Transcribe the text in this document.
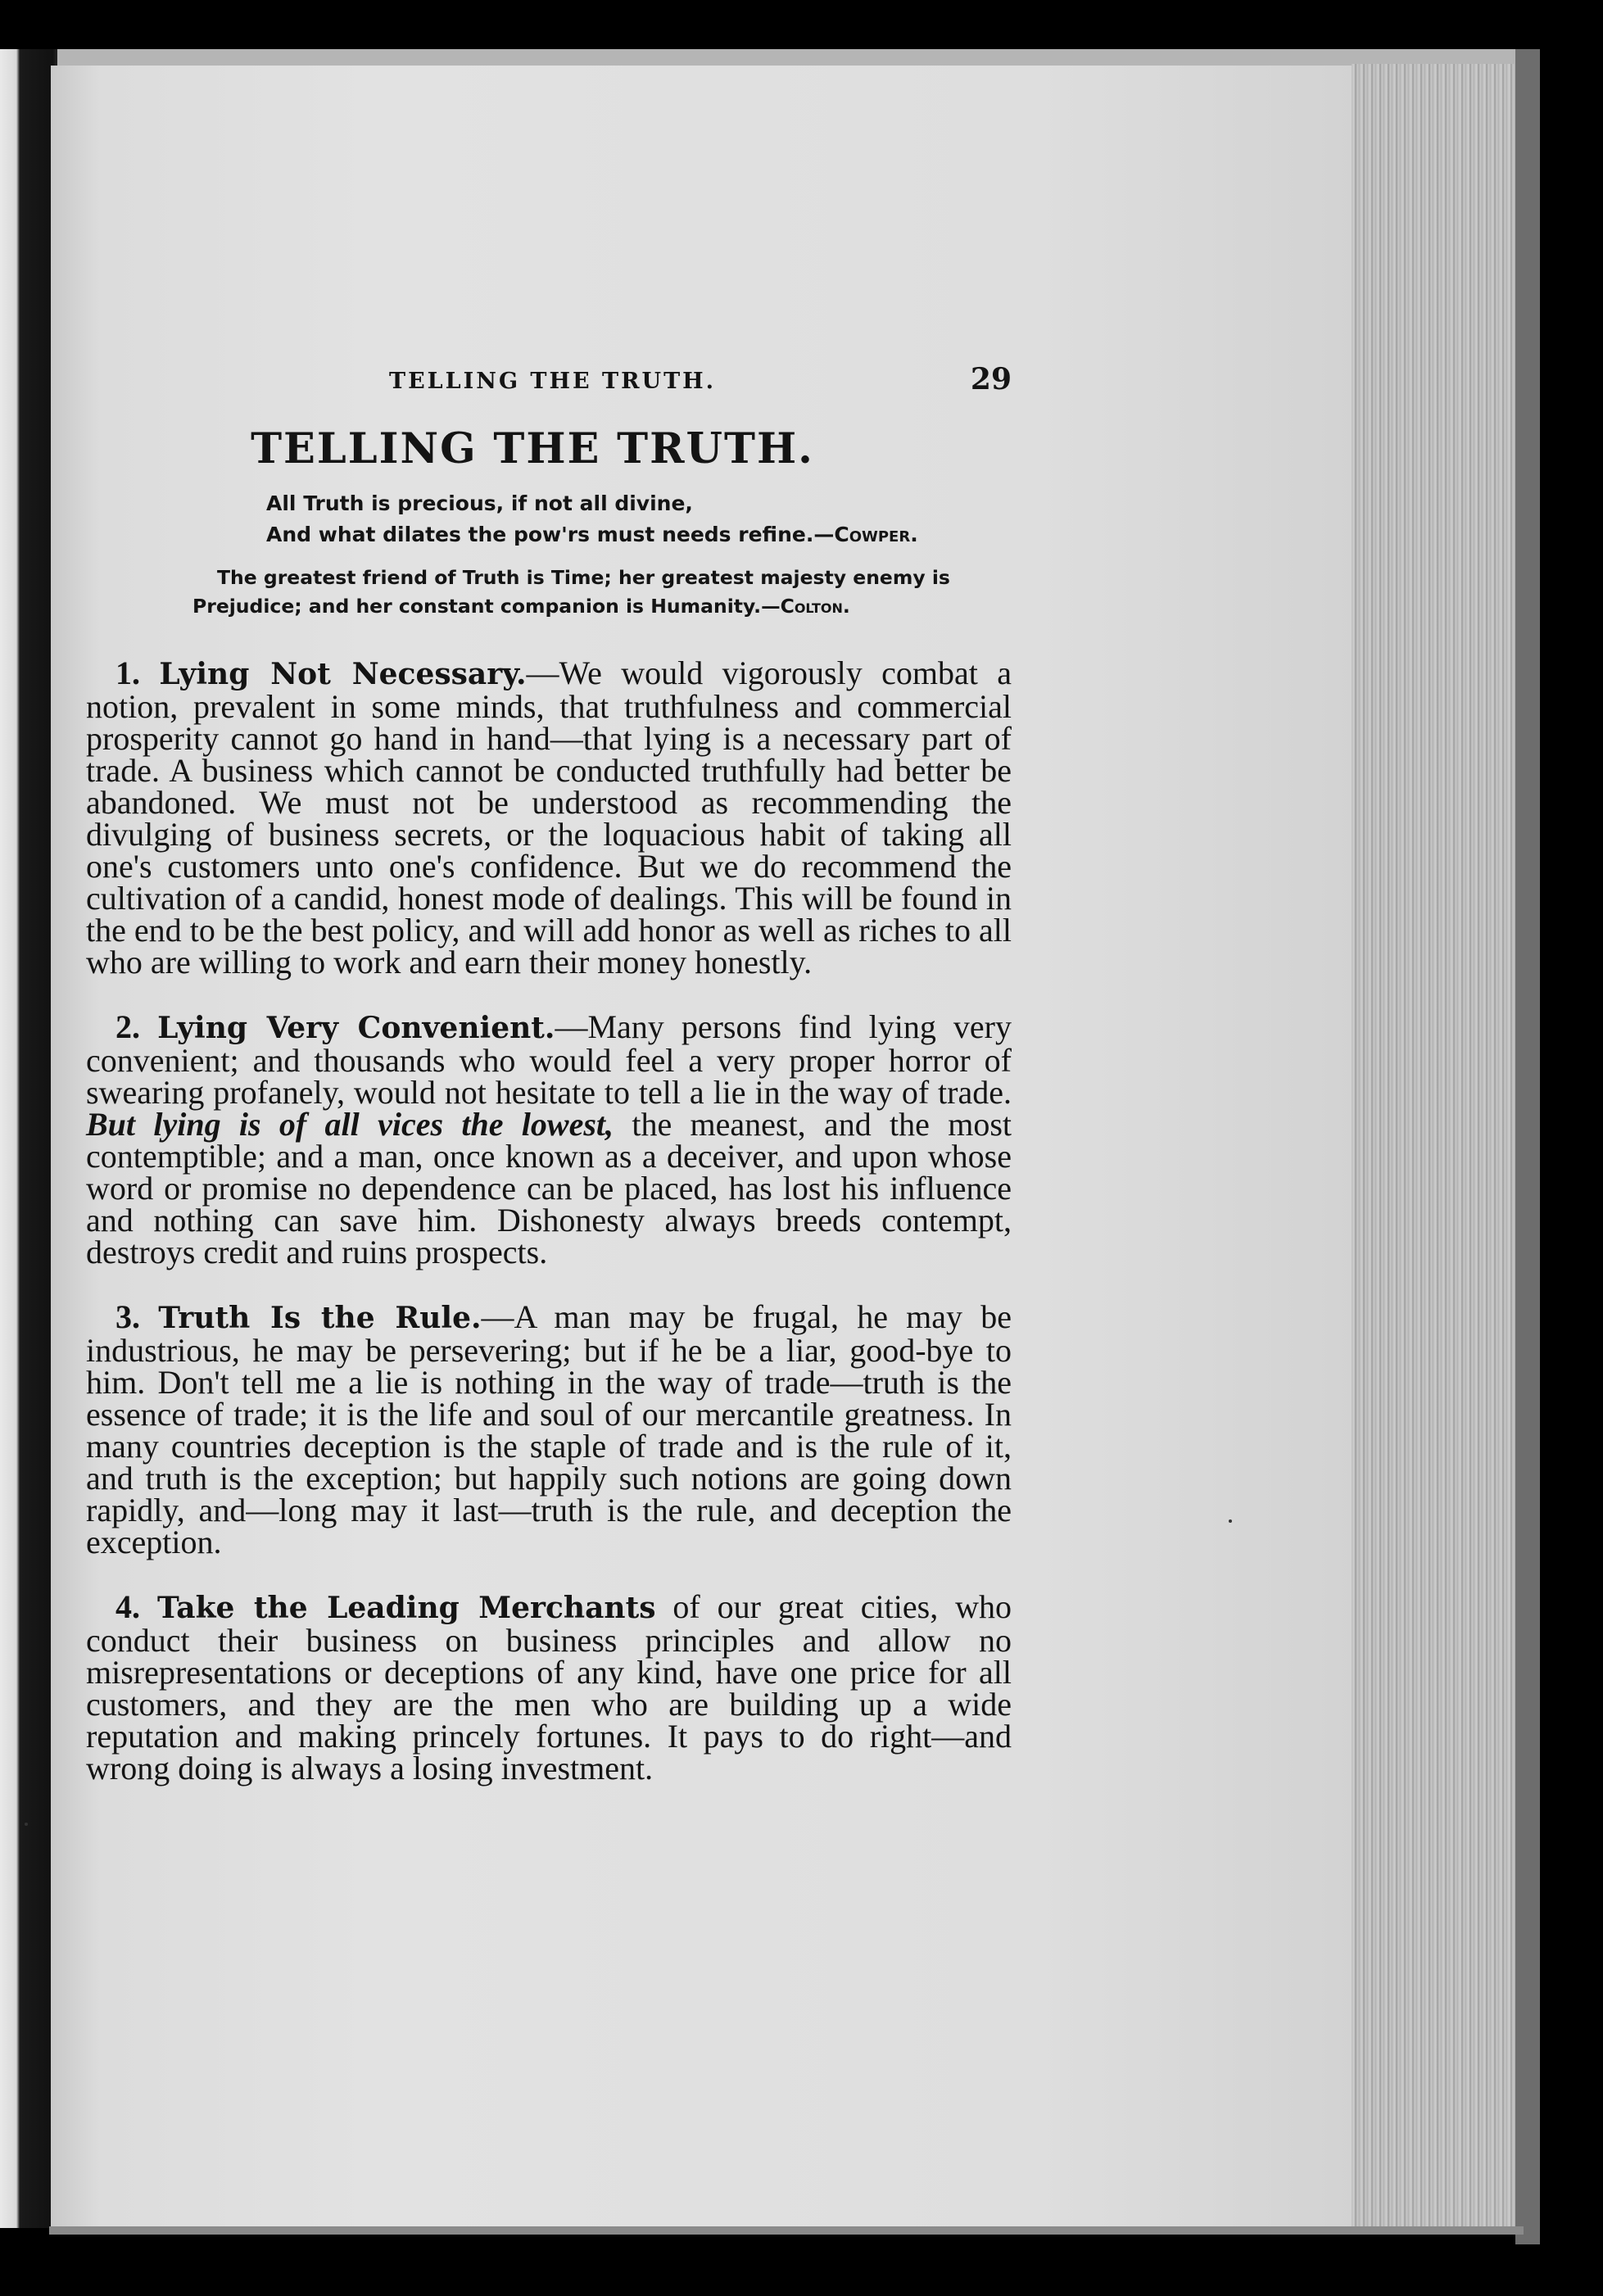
TELLING THE TRUTH.	29
TELLING THE TRUTH.
All Truth is precious, if not all divine,
And what dilates the pow'rs must needs refine.—Cowper.
The greatest friend of Truth is Time; her greatest majesty enemy is Prejudice; and her constant companion is Humanity.—Colton.

1. Lying Not Necessary.—We would vigorously combat a notion, prevalent in some minds, that truthfulness and commercial prosperity cannot go hand in hand—that lying is a necessary part of trade. A business which cannot be conducted truthfully had better be abandoned. We must not be understood as recommending the divulging of business secrets, or the loquacious habit of taking all one's customers unto one's confidence. But we do recommend the cultivation of a candid, honest mode of dealings. This will be found in the end to be the best policy, and will add honor as well as riches to all who are willing to work and earn their money honestly.

2. Lying Very Convenient.—Many persons find lying very convenient; and thousands who would feel a very proper horror of swearing profanely, would not hesitate to tell a lie in the way of trade. But lying is of all vices the lowest, the meanest, and the most contemptible; and a man, once known as a deceiver, and upon whose word or promise no dependence can be placed, has lost his influence and nothing can save him. Dishonesty always breeds contempt, destroys credit and ruins prospects.

3. Truth Is the Rule.—A man may be frugal, he may be industrious, he may be persevering; but if he be a liar, good-bye to him. Don't tell me a lie is nothing in the way of trade—truth is the essence of trade; it is the life and soul of our mercantile greatness. In many countries deception is the staple of trade and is the rule of it, and truth is the exception; but happily such notions are going down rapidly, and—long may it last—truth is the rule, and deception the exception.

4. Take the Leading Merchants of our great cities, who conduct their business on business principles and allow no misrepresentations or deceptions of any kind, have one price for all customers, and they are the men who are building up a wide reputation and making princely fortunes. It pays to do right—and wrong doing is always a losing investment.
